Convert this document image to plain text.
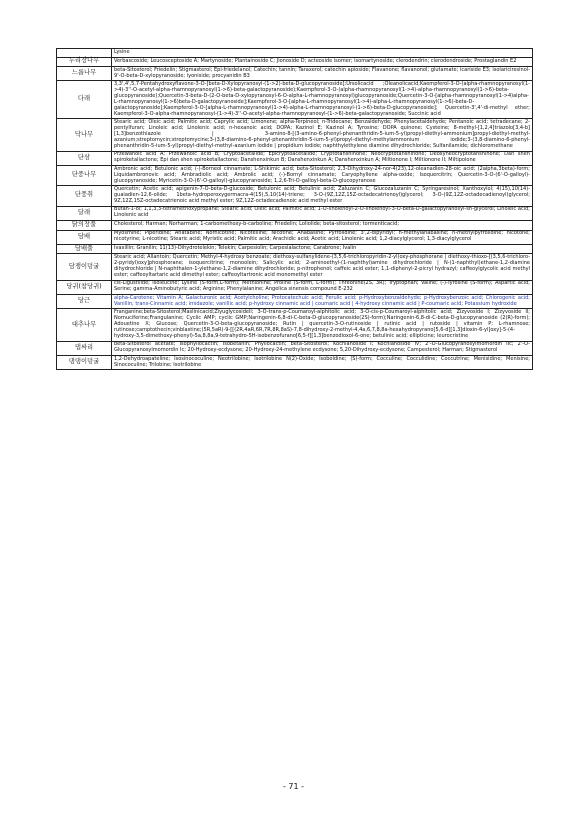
	Lysine
누리장나무	Verbascoside; Leucosceptoside A; Martynoside; Plantainoside C; Jionoside D; acteoside isomer; isomartynoside; clerodendrin; clerodendroside; Prostaglandin E2
느릅나무	beta-Sitosterol; Friedelin; Stigmasterol; Epi-friedelanol; Catechin; tannin; Taraxerol; catechin apioside; Flavanone; flavanonol; glutamate; icariside E3; isolariciresinol-9'-O-beta-D-xylopyranoside; lyoniside; procyanidin B3
다래	3,3',4',5,7-Pentahydroxyflavone-3-O-[beta-D-Xylopyranosyl-(1->2)-beta-D-glucopyranoside];Ursolicacid ;Oleanolicacid;Kaempferol-3-O-(alpha-rhamnopyranosyl(1->4)-3''-O-acetyl-alpha-rhamnopyranosyl(1->6)-beta-galactopyranoside);Kaempferol-3-O-(alpha-rhamnopyranosyl(1->4)-alpha-rhamnopyranosyl(1->6)-beta-glucopyranoside);Quercetin-3-beta-D-(2-O-beta-D-xylopyranosyl-6-O-alpha-L-rhamnopyranosyl)glucopyranoside;Quercetin-3-O-[alpha-rhamnopyranosyl(1->4)alpha-L-rhamnopyranosyl(1->6)beta-D-galactopyranoside];Kaempferol-3-O-[alpha-L-rhamnopyranosyl(1->4)-alpha-L-rhamnopyranosyl(1->6)-beta-D-galactopyranoside];Kaempferol-3-O-[alpha-L-rhamnopyranosyl(1->4)-alpha-L-rhamnopyranosyl-(1->6)-beta-D-glucopyranoside]; Quercetin-3',4'-di-methyl ether; Kaempferol-3-O-alpha-rhamnopyranosyl-(1->4)-3''-O-acetyl-alpha-rhamnopyranosyl-(1->6)-beta-galactopyranoside; Succinic acid
닥나무	Stearic acid; Oleic acid; Palmitic acid; Caprylic acid; Limonene; alpha-Terpineol; n-Tridecane; Benzaldehyde; Phenylacetaldehyde; Pentanoic acid; tetradecane; 2-pentylfuran; Linoleic acid; Linolenic acid; n-hexanoic acid; DOPA; Kazinol E; Kazinol A; Tyrosine; DOPA quinone; Cysteine; 8-methyl-[1,2,4]triazolo[3,4-b][1,3]benzothiazole | 3-amino-8-[(3-amino-6-phenyl-phenanthridin-5-ium-5-yl)propyl-diethyl-ammonium]propyl-diethyl-methyl-azanium;streptomycin;streptomycine;3-(3,8-diamino-6-phenyl-phenanthridin-5-ium-5-yl)propyl-diethyl-methylammonium iodide;3-(3,8-diamino-6-phenyl-phenanthridin-5-ium-5-yl)propyl-diethyl-methyl-azanium iodide | propidium iodide; naphthylethylene diamine dihydrochloride; Sulfanilamide; dichloromethane
단삼	Przewanoic acid A; Przewanoic acid B; Cryptoacetalide; Epicryptoacetalide; Cryptotanshinone; Neocryptotanshinone; Deoxyneocryptotanshinone; Dan shen spiroketallactone; Epi dan shen spiroketallactone; Danshenxinkun B; Danshenxinkun A; Danshenxinkun A; Miltionone I; Miltionone II; Miltipolone
단풍나무	Ambronic acid; Betulonic acid; (-)-Borneol cinnamate; L-Shikimic acid; beta-Sitosterol; 2,3-Dihydroxy-24-nor-4(23),12-oleanadien-28-oic acid; (2alpha,3beta)-form; Liquidambronovic acid; Ambradiolic acid; Ambrolic acid; (-)-Bornyl cinnamate; Caryophyllene alpha-oxide; Isoquercitrin; Quercetin-3-O-(6'-O-galloyl)-glucopyranoside; Myricetin-3-O-(6'-O-galloyl)-glucopyranoside; 1,2,6-Tri-O-galloyl-beta-D-glucopyranose
단풍취	Quercetin; Acetic acid; apigenin-7-O-beta-D-glucoside; Betulonic acid; Betulinic acid; Zaluzanin C; Glucozaluzanin C; Syringaresinol; Xanthoxylol; 4(15),10(14)-guaiadien-12,6-olide; 1beta-hydroperoxygermacra-4(15),5,10(14)-triene; 3-O-(9Z,12Z,15Z-octadecatrienoyl)glycerol; 3-O-(9Z,12Z-octadecadienoyl)glycerol; 9Z,12Z,15Z-octadecatrienoic acid methyl ester; 9Z,12Z-octadecadienoic acid methyl ester
달래	Butan-1-ol; 1,1,3,3-tetramethoxypropane; Stearic acid; Oleic acid; Palmitic acid; 1-O-linolenoyl-2-O-linolenoyl-3-O-beta-D-galactopyranosyl-sn-glycerol; Linoleic acid; Linolenic acid
닭의장풀	Cholesterol; Harman; Norharman; 1-carbomethoxy-b-carboline; Friedelin; Loliolide; beta-sitosterol; tormenticacid;
담배	Myosmine; Piperidine; Anatabine; Nornicotine; Nicotelline; Nicotine; Anabasine; Pyrrolidine; 3',2-dipyridyl; n-methylanabasine; n-methylpyrrolidine; nicotone; nicotyrine; L-nicotine; Stearic acid; Myristic acid; Palmitic acid; Arachidic acid; Acetic acid; Linolenic acid; 1,2-diacylglycerol; 1,3-diacylglycerol
담배풀	Ivaxillin; Granilin; 11(13)-Dihydrotelekin; Telekin; Carpesiolin; Carpesialactone; Carabrone; Ivalin
담쟁이덩굴	Stearic acid; Allantoin; Quercetin; Methyl-4-hydroxy benzoate; diethoxy-sulfanylidene-(3,5,6-trichloropyridin-2-yl)oxy-phosphorane | diethoxy-thioxo-[(3,5,6-trichloro-2-pyridyl)oxy]phosphorane; isoquercitrine; monoolein; Salicylic acid; 2-aminoethyl-(1-naphthyl)amine dihydrochloride | N-(1-naphthyl)ethane-1,2-diamine dihydrochloride | N-naphthalen-1-ylethane-1,2-diamine dihydrochloride; p-nitrophenol; caffeic acid ester; 1,1-diphenyl-2-picryl hydrazyl; caffeoylglycolic acid methyl ester; caffeoyltartaric acid dimethyl ester; caffeoyltartronic acid monomethyl ester
당귀(참당귀)	cis-Ligustilide; Isoleucine; Lysine (S-form,L-form); Methionine; Proline (S-form, L-form); Threonine(2S, 3R); Tryptophan; Valine; (-)-Tyrosine (S-form); Aspartic acid; Serine; gamma-Aminobutyric acid; Arginine; Phenylalanine; Angelica sinensis compound E-232
당근	alpha-Carotene; Vitamin A; Galacturonic acid; Acetylcholine; Protocatechuic acid; Ferulic acid; p-Hydroxybenzaldehyde; p-Hydroxybenzoic acid; Chlorogenic acid; Vanillin; trans-Cinnamic acid; imidazole; vanillic acid; p-hydroxy cinnamic acid | coumaric acid | 4-hydroxy cinnamic acid | P-coumaric acid; Potassium hydroxide
대추나무	Franganine;beta-Sitosterol;Maslinicacid;Ziyuglycosidell; 3-O-trans-p-Coumaroyl-alphitolic acid; 3-O-cis-p-Coumaroyl-alphitolic acid; Zizyvoside I; Zizyvoside II; Nornuciferine;Frangulanine; Cyclic AMP; cyclic GMP;Naringenin-6,8-di-C-beta-D-glucopyranoside(2S)-form);Naringenin-6,8-di-C-beta-D-glucopyranoside (2(R)-form); Adouetine X; Glucose; Quercetin-3-O-beta-glucopyranoside; Rutin | quercetin-3-O-rutinoside | rutinic acid | rutoside | vitamin P; L-rhamnose; rutinose;camptothecin;vinblastine;(5R,5aR)-9-[[(2R,4aR,6R,7R,8R,8aS)-7,8-dihydroxy-2-methyl-4,4a,6,7,8,8a-hexahydropyrano[5,6-d][1,3]dioxin-6-yl]oxy]-5-(4-hydroxy-3,5-dimethoxy-phenyl)-5a,8,8a,9-tetrahydro-5H-isobenzofurano[6,5-f][1,3]benzodioxol-6-one; betulinic acid; ellipticine; leurocristine
댑싸리	beta-Sitosterol acetate; Isophyllocactin; Isobetanin; Phyllocactin; beta-Sitosterol; Kochianoside I; Kochianoside IV; 2'-O-Glucopyranosylmomordin IIc; 2'-O-Glucopyranosylmomordin Ic; 20-Hydroxy-ecdysone; 20-Hydroxy-24-methylene ecdysone; 5,20-Dihydroxy-ecdysone; Campesterol; Harman; Stigmasterol
댕댕이덩굴	1,2-Dehydroapateline; Isosinococuline; Neotrilobine; Isotrilobine N(2)-Oxide; Isoboldine; (S)-form; Cocculine; Cocculidine; Coccutrine; Menisidine; Menisine; Sinococuline; Trilobine; Isotrilobine
- 71 -
